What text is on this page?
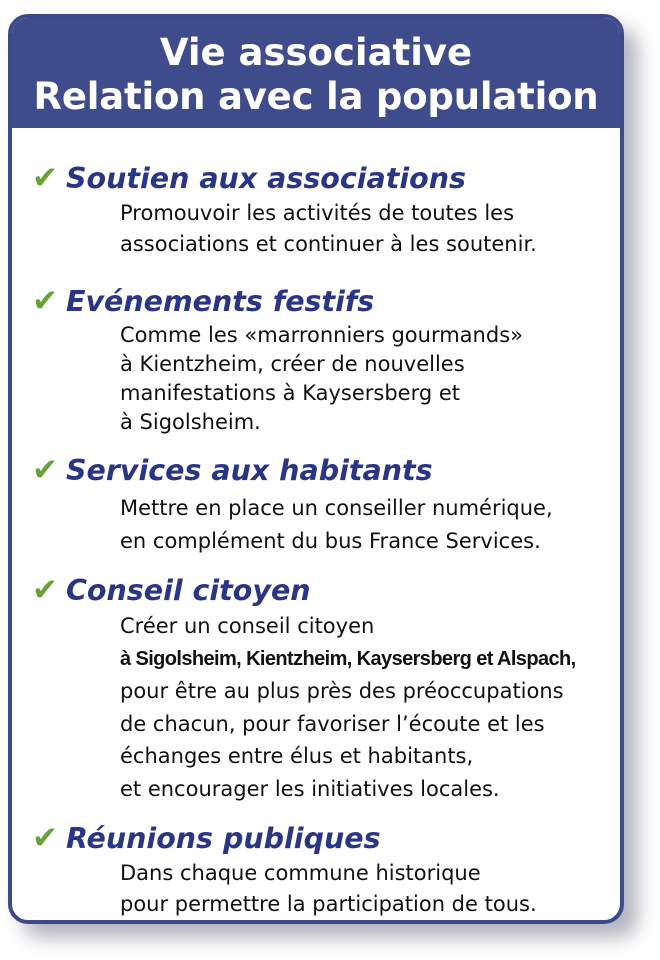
Vie associative
Relation avec la population
✔ Soutien aux associations
Promouvoir les activités de toutes les
associations et continuer à les soutenir.
✔ Evénements festifs
Comme les «marronniers gourmands»
à Kientzheim, créer de nouvelles
manifestations à Kaysersberg et
à Sigolsheim.
✔ Services aux habitants
Mettre en place un conseiller numérique,
en complément du bus France Services.
✔ Conseil citoyen
Créer un conseil citoyen
à Sigolsheim, Kientzheim, Kaysersberg et Alspach,
pour être au plus près des préoccupations
de chacun, pour favoriser l’écoute et les
échanges entre élus et habitants,
et encourager les initiatives locales.
✔ Réunions publiques
Dans chaque commune historique
pour permettre la participation de tous.
